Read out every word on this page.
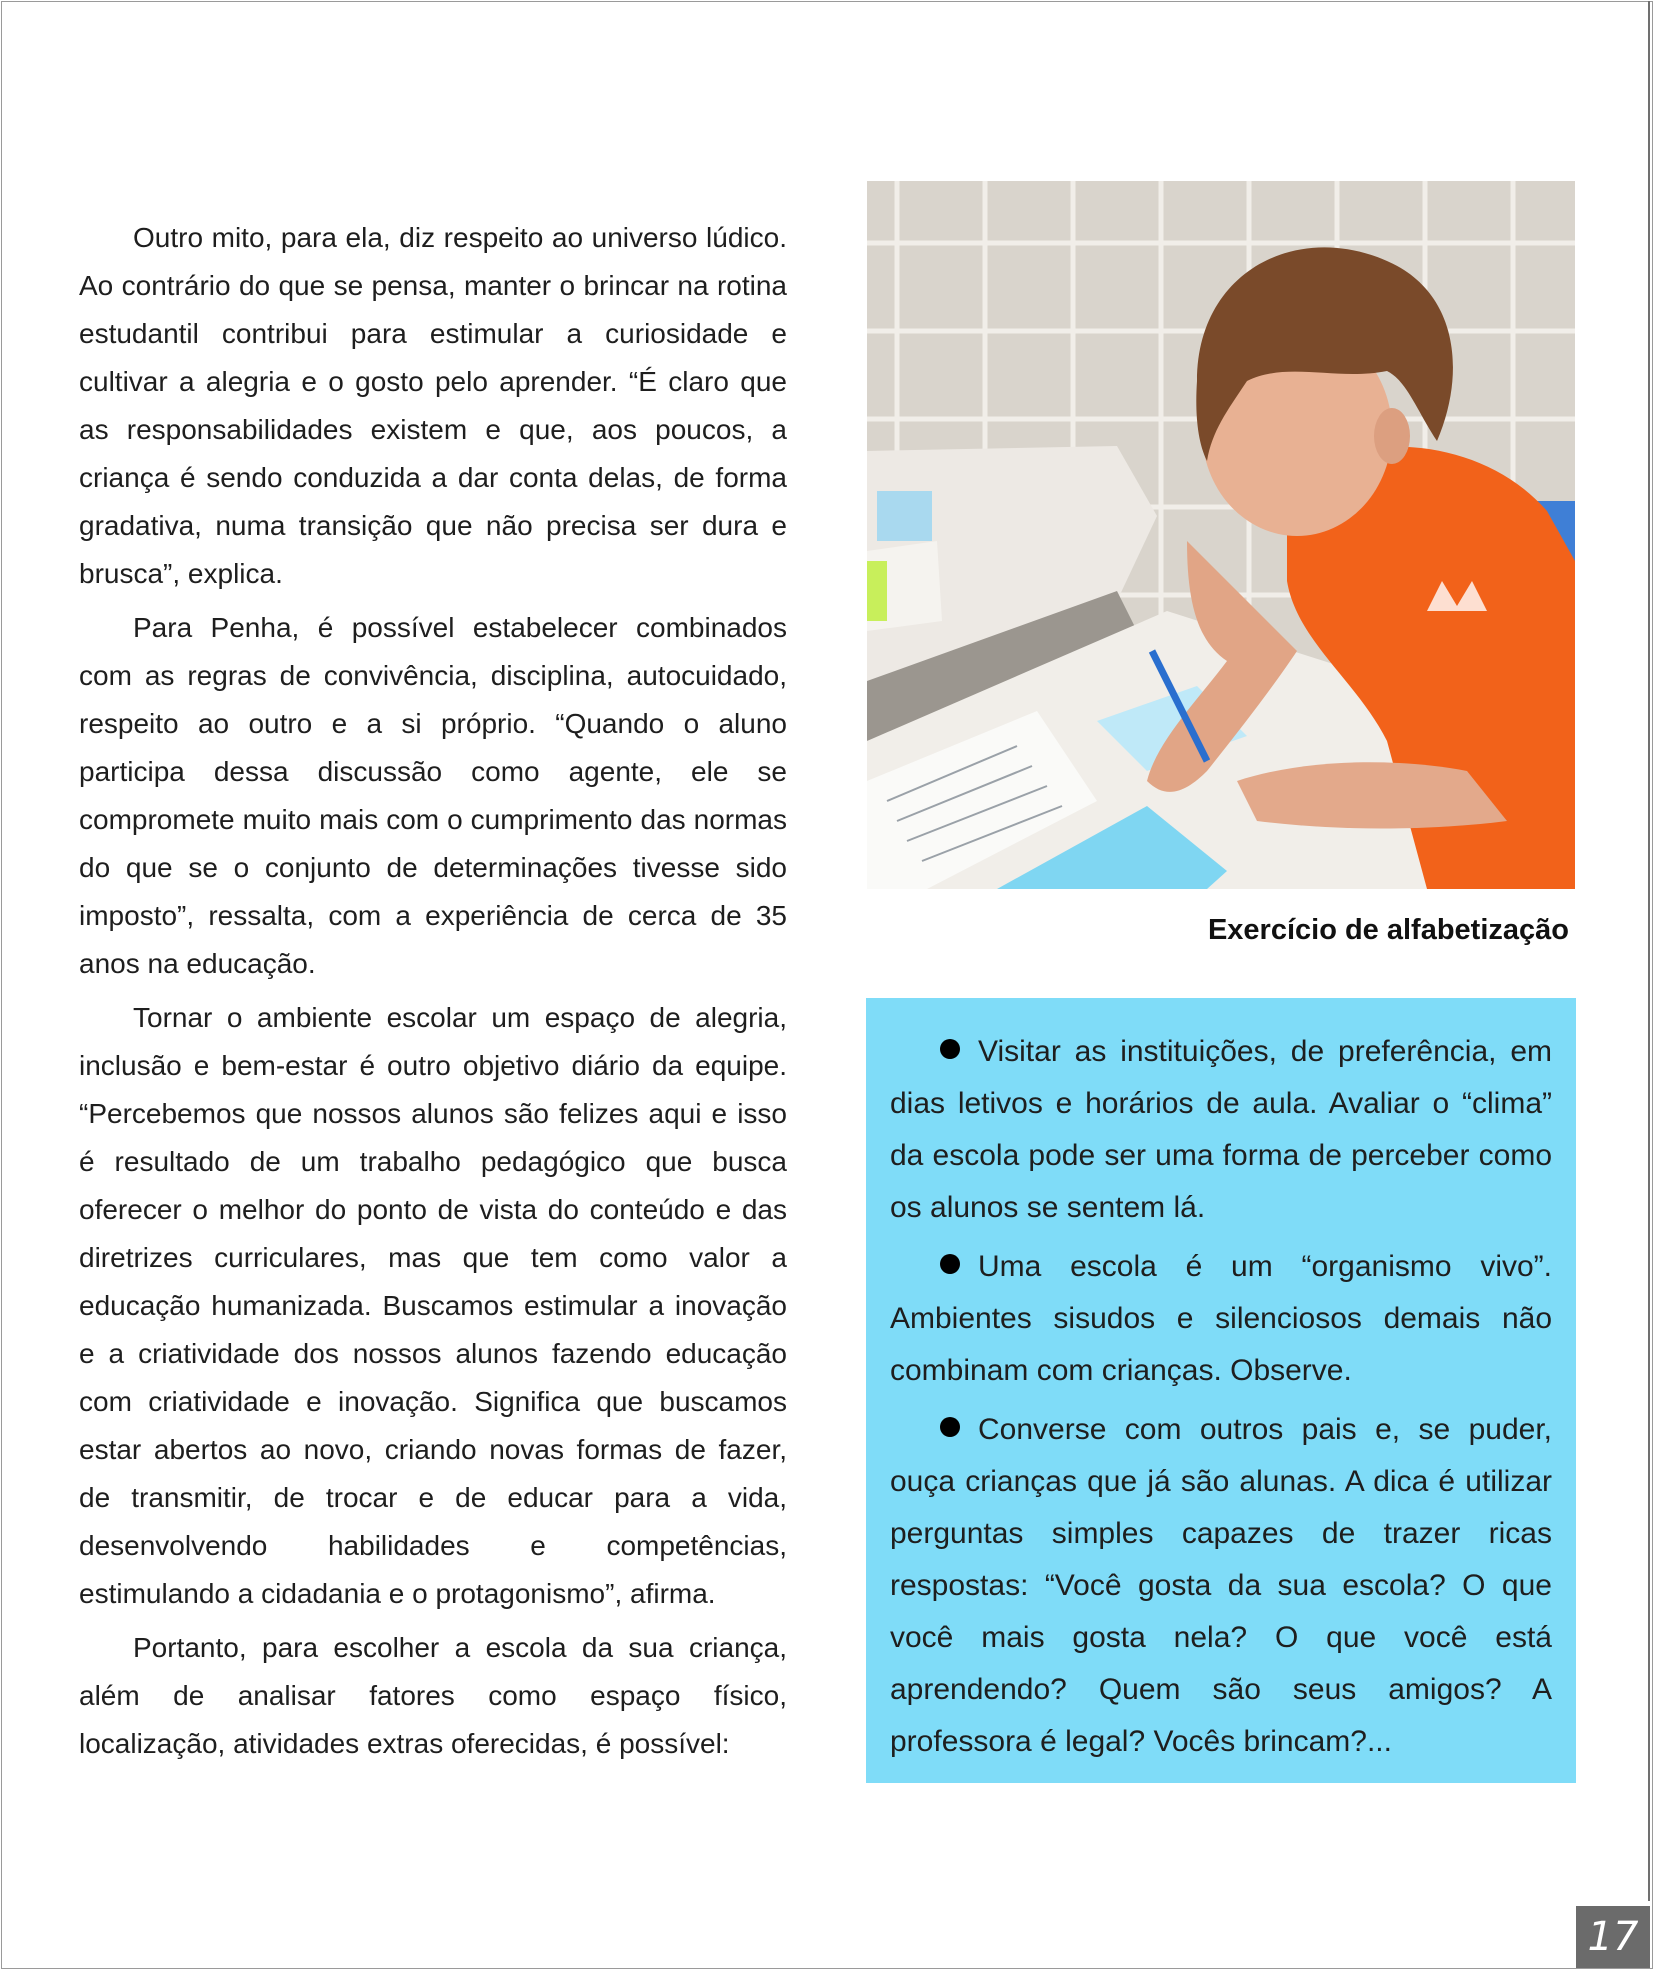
Outro mito, para ela, diz respeito ao universo lúdico. Ao contrário do que se pensa, manter o brincar na rotina estudantil contribui para estimular a curiosidade e cultivar a alegria e o gosto pelo aprender. “É claro que as responsabilidades existem e que, aos poucos, a criança é sendo conduzida a dar conta delas, de forma gradativa, numa transição que não precisa ser dura e brusca”, explica.

Para Penha, é possível estabelecer combinados com as regras de convivência, disciplina, autocuidado, respeito ao outro e a si próprio. “Quando o aluno participa dessa discussão como agente, ele se compromete muito mais com o cumprimento das normas do que se o conjunto de determinações tivesse sido imposto”, ressalta, com a experiência de cerca de 35 anos na educação.

Tornar o ambiente escolar um espaço de alegria, inclusão e bem-estar é outro objetivo diário da equipe. “Percebemos que nossos alunos são felizes aqui e isso é resultado de um trabalho pedagógico que busca oferecer o melhor do ponto de vista do conteúdo e das diretrizes curriculares, mas que tem como valor a educação humanizada. Buscamos estimular a inovação e a criatividade dos nossos alunos fazendo educação com criatividade e inovação. Significa que buscamos estar abertos ao novo, criando novas formas de fazer, de transmitir, de trocar e de educar para a vida, desenvolvendo habilidades e competências, estimulando a cidadania e o protagonismo”, afirma.

Portanto, para escolher a escola da sua criança, além de analisar fatores como espaço físico, localização, atividades extras oferecidas, é possível:

Exercício de alfabetização

Visitar as instituições, de preferência, em dias letivos e horários de aula. Avaliar o “clima” da escola pode ser uma forma de perceber como os alunos se sentem lá.

Uma escola é um “organismo vivo”. Ambientes sisudos e silenciosos demais não combinam com crianças. Observe.

Converse com outros pais e, se puder, ouça crianças que já são alunas. A dica é utilizar perguntas simples capazes de trazer ricas respostas: “Você gosta da sua escola? O que você mais gosta nela? O que você está aprendendo? Quem são seus amigos? A professora é legal? Vocês brincam?...

17
